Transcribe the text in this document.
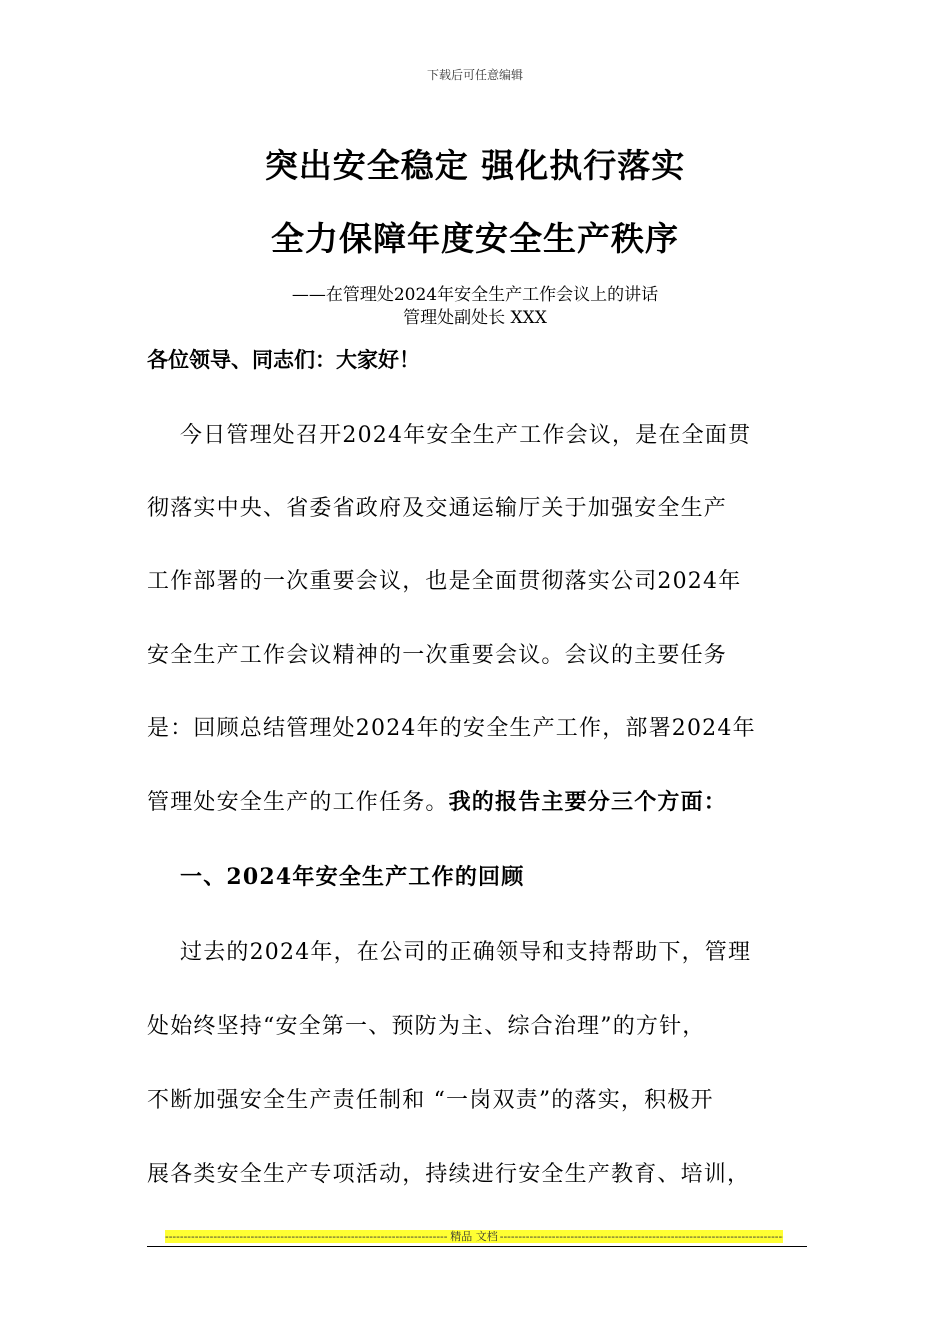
下载后可任意编辑
突出安全稳定 强化执行落实
全力保障年度安全生产秩序
——在管理处2024年安全生产工作会议上的讲话
管理处副处长 XXX
各位领导、同志们：大家好！
今日管理处召开2024年安全生产工作会议，是在全面贯
彻落实中央、省委省政府及交通运输厅关于加强安全生产
工作部署的一次重要会议，也是全面贯彻落实公司2024年
安全生产工作会议精神的一次重要会议。会议的主要任务
是：回顾总结管理处2024年的安全生产工作，部署2024年
管理处安全生产的工作任务。我的报告主要分三个方面：
一、2024年安全生产工作的回顾
过去的2024年，在公司的正确领导和支持帮助下，管理
处始终坚持“安全第一、预防为主、综合治理”的方针，
不断加强安全生产责任制和 “一岗双责”的落实，积极开
展各类安全生产专项活动，持续进行安全生产教育、培训，
-----
精品 文档
-----
